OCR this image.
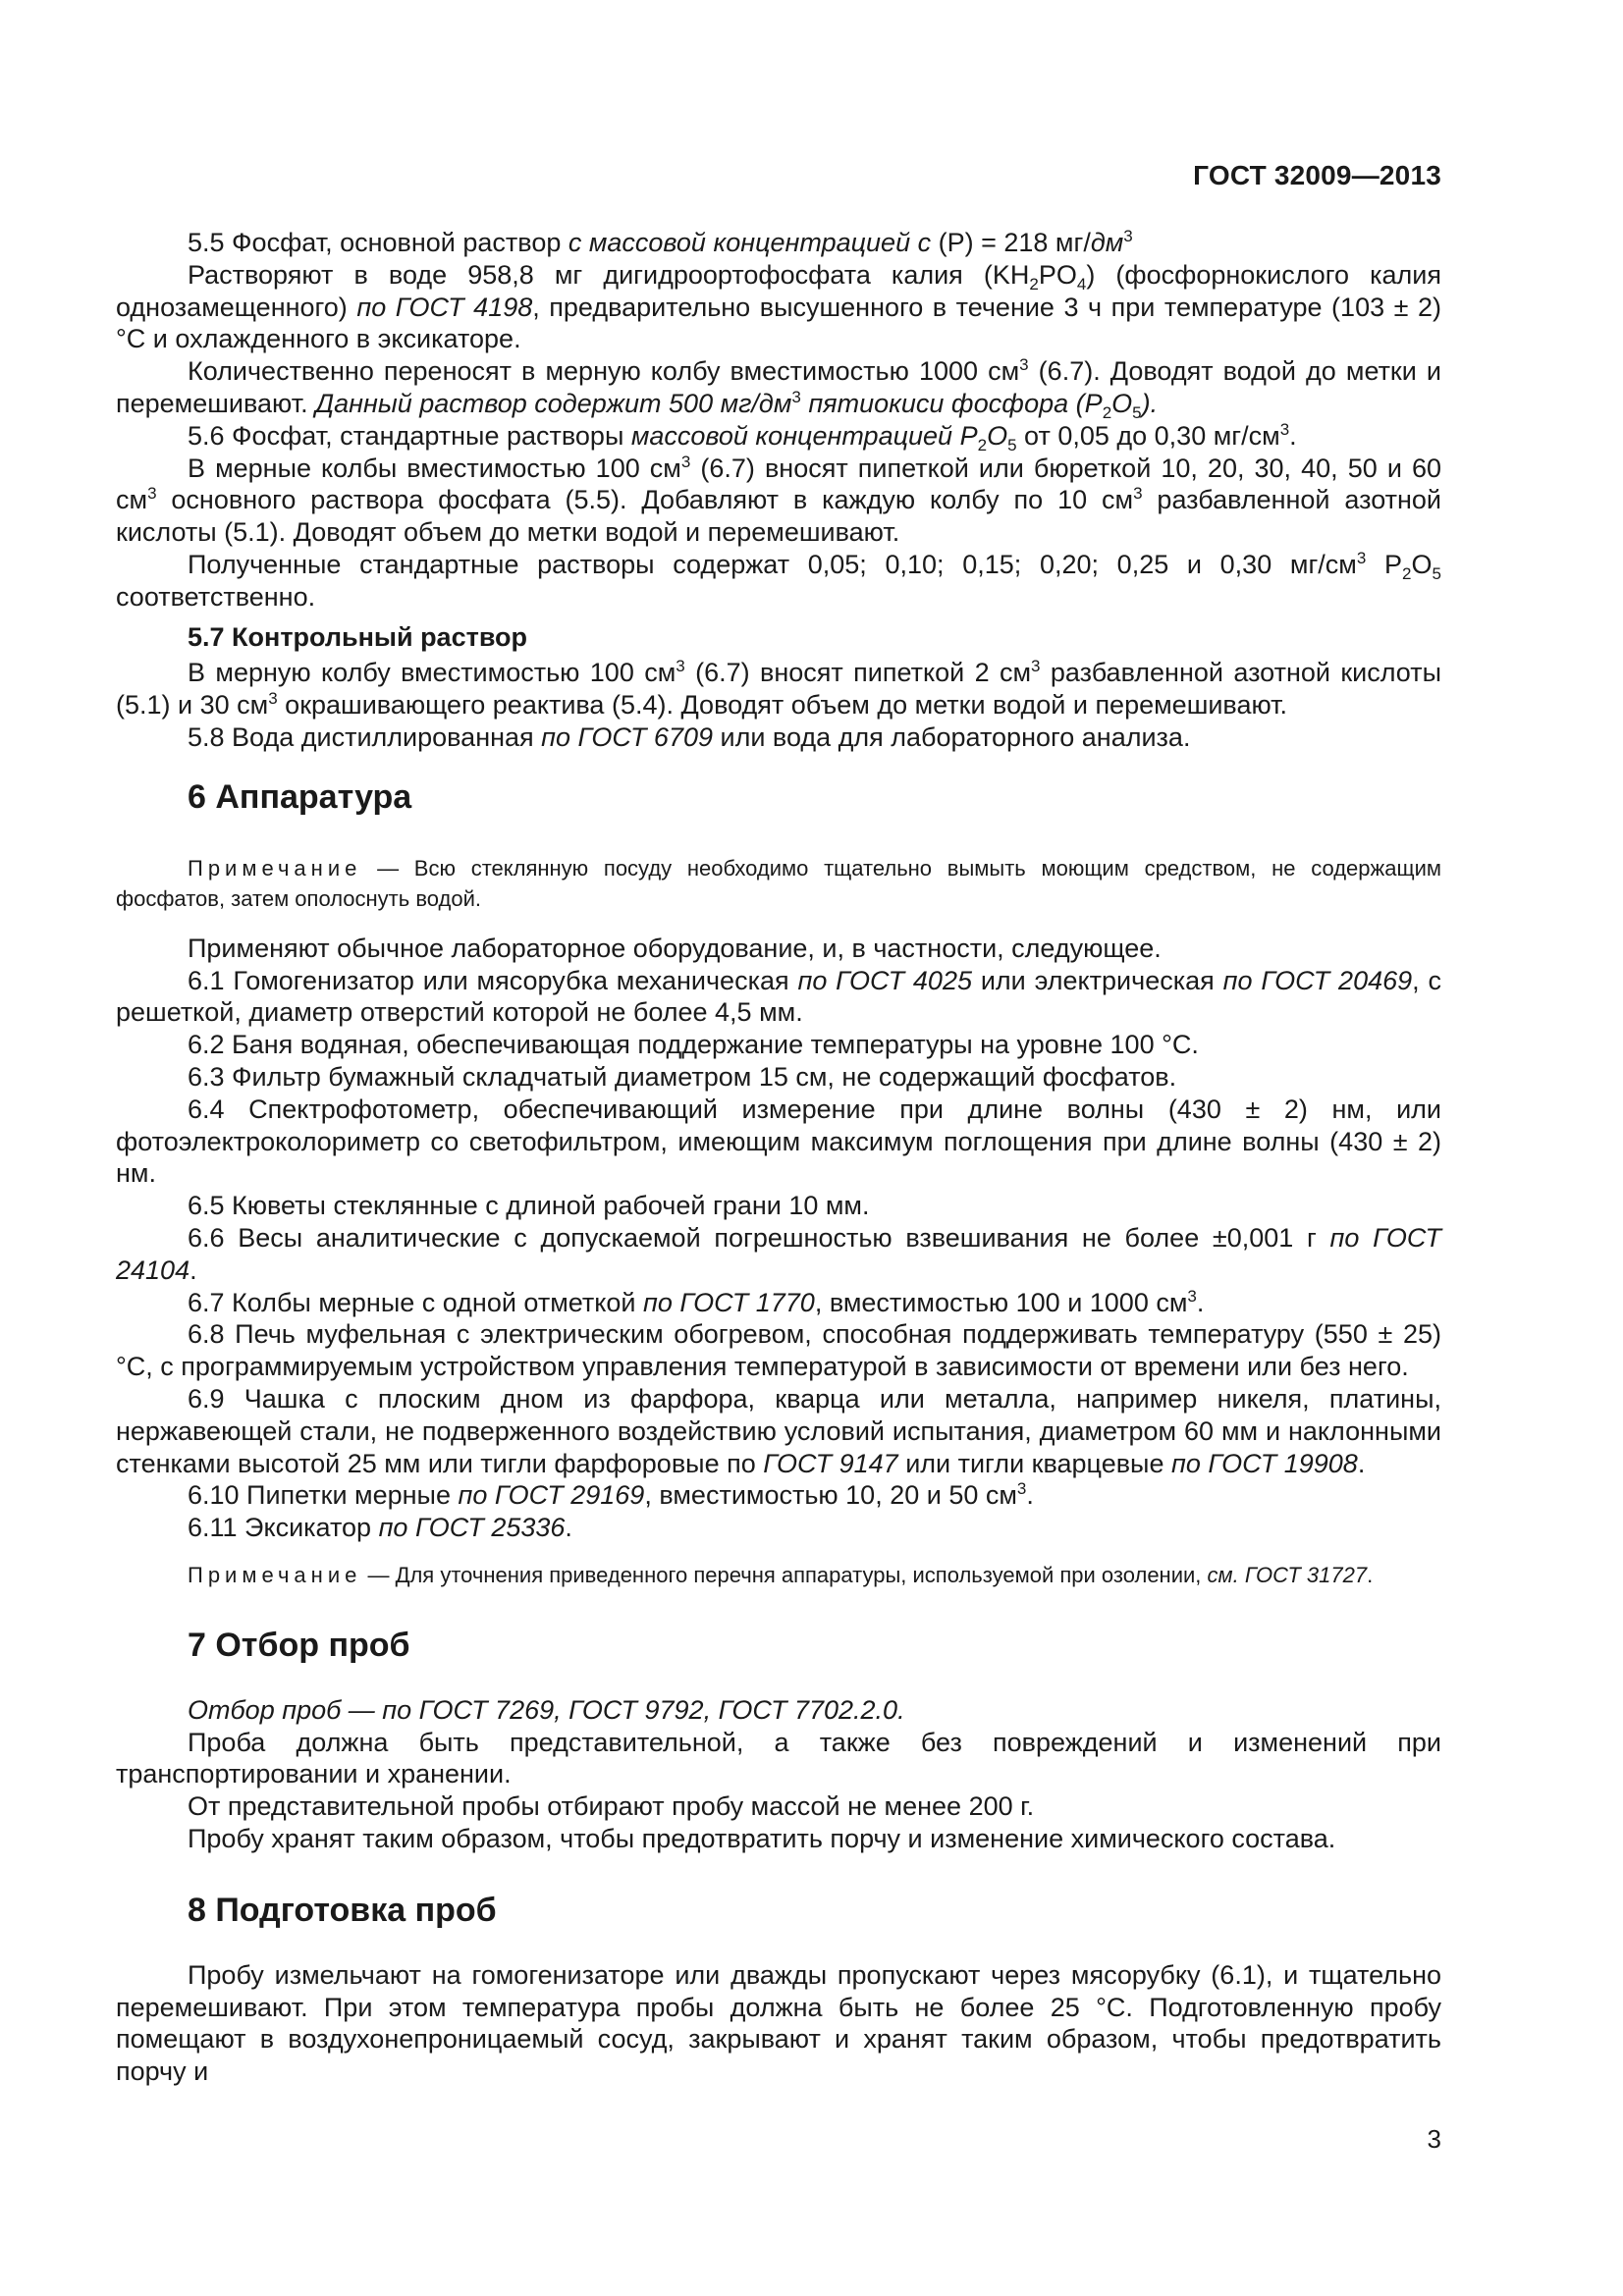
ГОСТ 32009—2013

5.5 Фосфат, основной раствор с массовой концентрацией с (Р) = 218 $мг/дм^3$

Растворяют в воде 958,8 мг дигидроортофосфата калия $(KH_2PO_4)$ (фосфорнокислого калия однозамещенного) по ГОСТ 4198, предварительно высушенного в течение 3 ч при температуре (103 ± 2) °С и охлажденного в эксикаторе.

Количественно переносят в мерную колбу вместимостью 1000 $см^3$ (6.7). Доводят водой до метки и перемешивают. Данный раствор содержит 500 $мг/дм^3$ пятиокиси фосфора $(Р_2О_5)$.

5.6 Фосфат, стандартные растворы массовой концентрацией $Р_2О_5$ от 0,05 до 0,30 $мг/см^3$.

В мерные колбы вместимостью 100 $см^3$ (6.7) вносят пипеткой или бюреткой 10, 20, 30, 40, 50 и 60 $см^3$ основного раствора фосфата (5.5). Добавляют в каждую колбу по 10 $см^3$ разбавленной азотной кислоты (5.1). Доводят объем до метки водой и перемешивают.

Полученные стандартные растворы содержат 0,05; 0,10; 0,15; 0,20; 0,25 и 0,30 $мг/см^3$ $Р_2О_5$ соответственно.

5.7 Контрольный раствор

В мерную колбу вместимостью 100 $см^3$ (6.7) вносят пипеткой 2 $см^3$ разбавленной азотной кислоты (5.1) и 30 $см^3$ окрашивающего реактива (5.4). Доводят объем до метки водой и перемешивают.

5.8 Вода дистиллированная по ГОСТ 6709 или вода для лабораторного анализа.

6 Аппаратура

Примечание — Всю стеклянную посуду необходимо тщательно вымыть моющим средством, не содержащим фосфатов, затем ополоснуть водой.

Применяют обычное лабораторное оборудование, и, в частности, следующее.

6.1 Гомогенизатор или мясорубка механическая по ГОСТ 4025 или электрическая по ГОСТ 20469, с решеткой, диаметр отверстий которой не более 4,5 мм.

6.2 Баня водяная, обеспечивающая поддержание температуры на уровне 100 °С.

6.3 Фильтр бумажный складчатый диаметром 15 см, не содержащий фосфатов.

6.4 Спектрофотометр, обеспечивающий измерение при длине волны (430 ± 2) нм, или фотоэлектроколориметр со светофильтром, имеющим максимум поглощения при длине волны (430 ± 2) нм.

6.5 Кюветы стеклянные с длиной рабочей грани 10 мм.

6.6 Весы аналитические с допускаемой погрешностью взвешивания не более ±0,001 г по ГОСТ 24104.

6.7 Колбы мерные с одной отметкой по ГОСТ 1770, вместимостью 100 и 1000 $см^3$.

6.8 Печь муфельная с электрическим обогревом, способная поддерживать температуру (550 ± 25) °С, с программируемым устройством управления температурой в зависимости от времени или без него.

6.9 Чашка с плоским дном из фарфора, кварца или металла, например никеля, платины, нержавеющей стали, не подверженного воздействию условий испытания, диаметром 60 мм и наклонными стенками высотой 25 мм или тигли фарфоровые по ГОСТ 9147 или тигли кварцевые по ГОСТ 19908.

6.10 Пипетки мерные по ГОСТ 29169, вместимостью 10, 20 и 50 $см^3$.

6.11 Эксикатор по ГОСТ 25336.

Примечание — Для уточнения приведенного перечня аппаратуры, используемой при озолении, см. ГОСТ 31727.

7 Отбор проб

Отбор проб — по ГОСТ 7269, ГОСТ 9792, ГОСТ 7702.2.0.

Проба должна быть представительной, а также без повреждений и изменений при транспортировании и хранении.

От представительной пробы отбирают пробу массой не менее 200 г.

Пробу хранят таким образом, чтобы предотвратить порчу и изменение химического состава.

8 Подготовка проб

Пробу измельчают на гомогенизаторе или дважды пропускают через мясорубку (6.1), и тщательно перемешивают. При этом температура пробы должна быть не более 25 °С. Подготовленную пробу помещают в воздухонепроницаемый сосуд, закрывают и хранят таким образом, чтобы предотвратить порчу и

3
